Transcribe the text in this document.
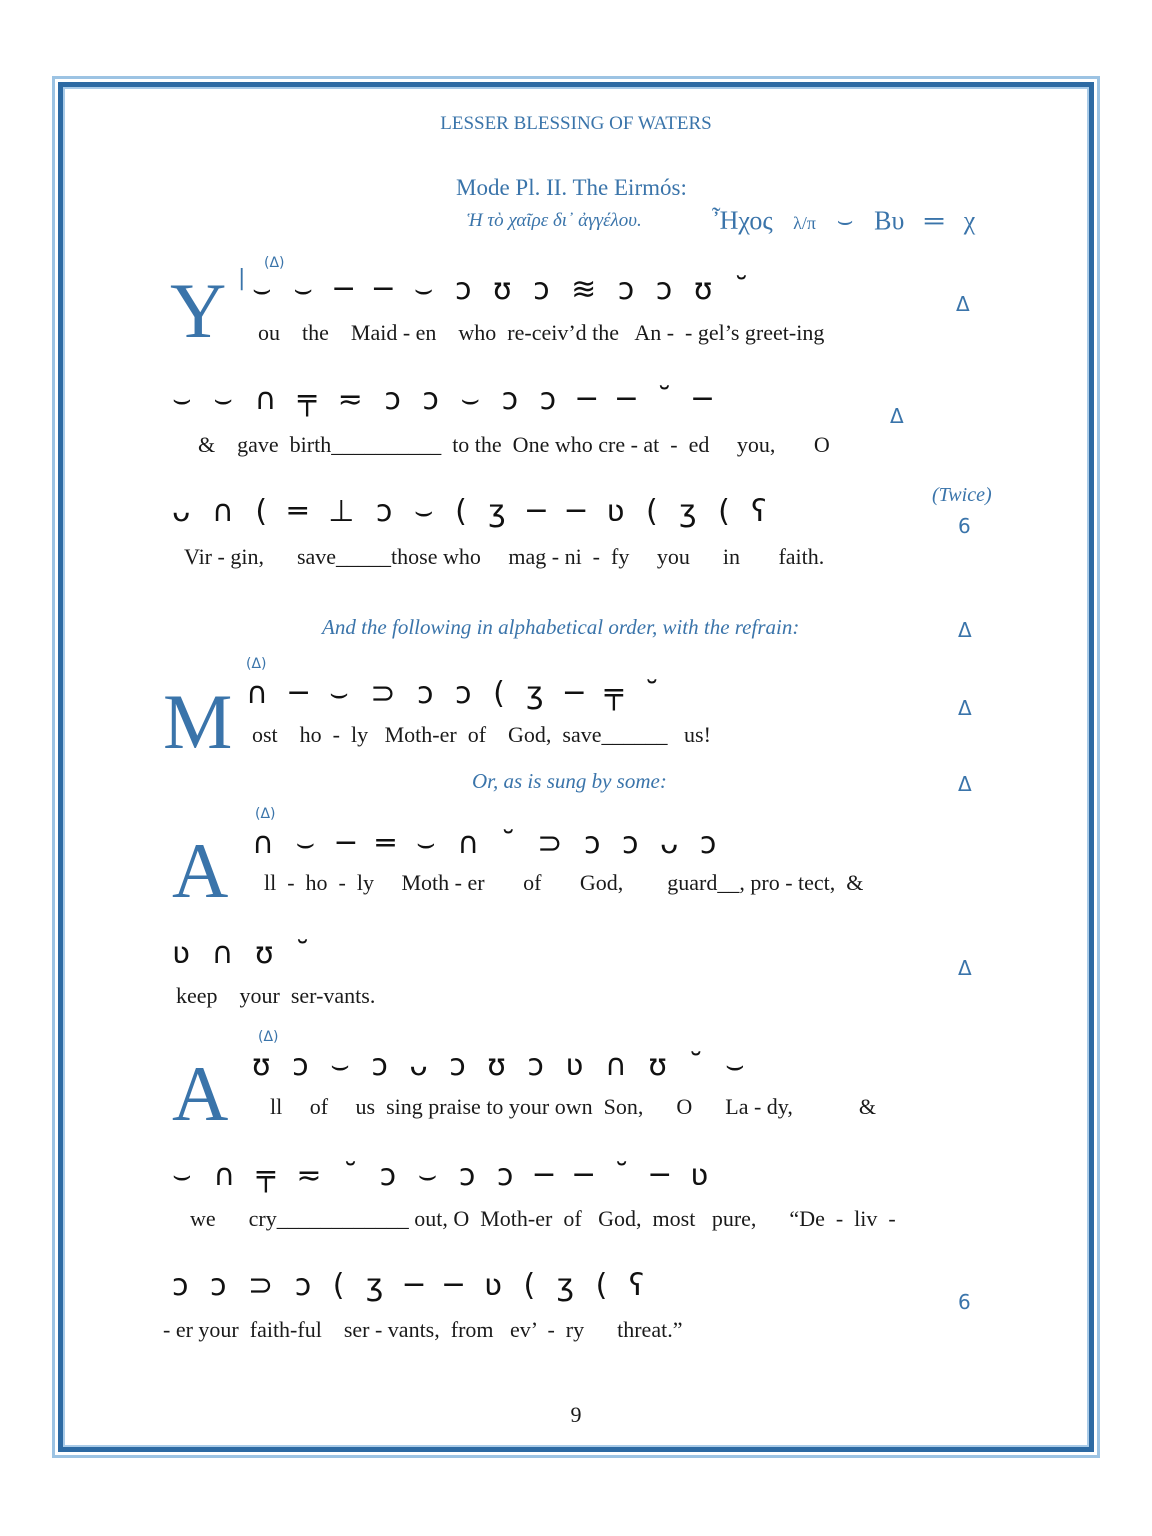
LESSER BLESSING OF WATERS
Mode Pl. II. The Eirmós:
Ἡ τὸ χαῖρε δι᾽ ἀγγέλου.	Ἦχος λ/π ⌣ Βυ ═ χ
Y
(Δ)
| ⌣ ⌣ ─ ─ ⌣ ͻ ʊ ͻ ≋ ͻ ͻ ʊ ˘	Δ
ou    the    Maid - en    who  re-ceiv’d the   An -  - gel’s greet-ing
⌣ ⌣ ∩ ╤ ≂ ͻ ͻ ⌣ ͻ ͻ ─ ─ ˘ ─	Δ
&    gave  birth__________  to the  One who cre - at  -  ed     you,       O
ᴗ ∩ ( ═ ⊥ ͻ ⌣ ( ʒ ─ ─ ʋ ( ʒ ( ʕ	(Twice)
6
Vir - gin,      save_____those who     mag - ni  -  fy     you      in       faith.
And the following in alphabetical order, with the refrain:	Δ
M
(Δ)
∩ ─ ⌣ ⊃ ͻ ͻ ( ʒ ─ ╤ ˘	Δ
ost    ho  -  ly   Moth-er  of    God,  save______   us!
Or, as is sung by some:	Δ
A
(Δ)
∩ ⌣ ─ ═ ⌣ ∩ ˘ ⊃ ͻ ͻ ᴗ ͻ
ll  -  ho  -  ly     Moth - er       of       God,        guard__, pro - tect,  &
ʋ ∩ ʊ ˘	Δ
keep    your  ser-vants.
A
(Δ)
ʊ ͻ ⌣ ͻ ᴗ ͻ ʊ ͻ ʋ ∩ ʊ ˘ ⌣
ll     of     us  sing praise to your own  Son,      O      La - dy,            &
⌣ ∩ ╤ ≂ ˘ ͻ ⌣ ͻ ͻ ─ ─ ˘ ─ ʋ
we      cry____________ out, O  Moth-er  of   God,  most   pure,      “De  -  liv  -
ͻ ͻ ⊃ ͻ ( ʒ ─ ─ ʋ ( ʒ ( ʕ	6
- er your  faith-ful    ser - vants,  from   ev’  -  ry      threat.”
9
